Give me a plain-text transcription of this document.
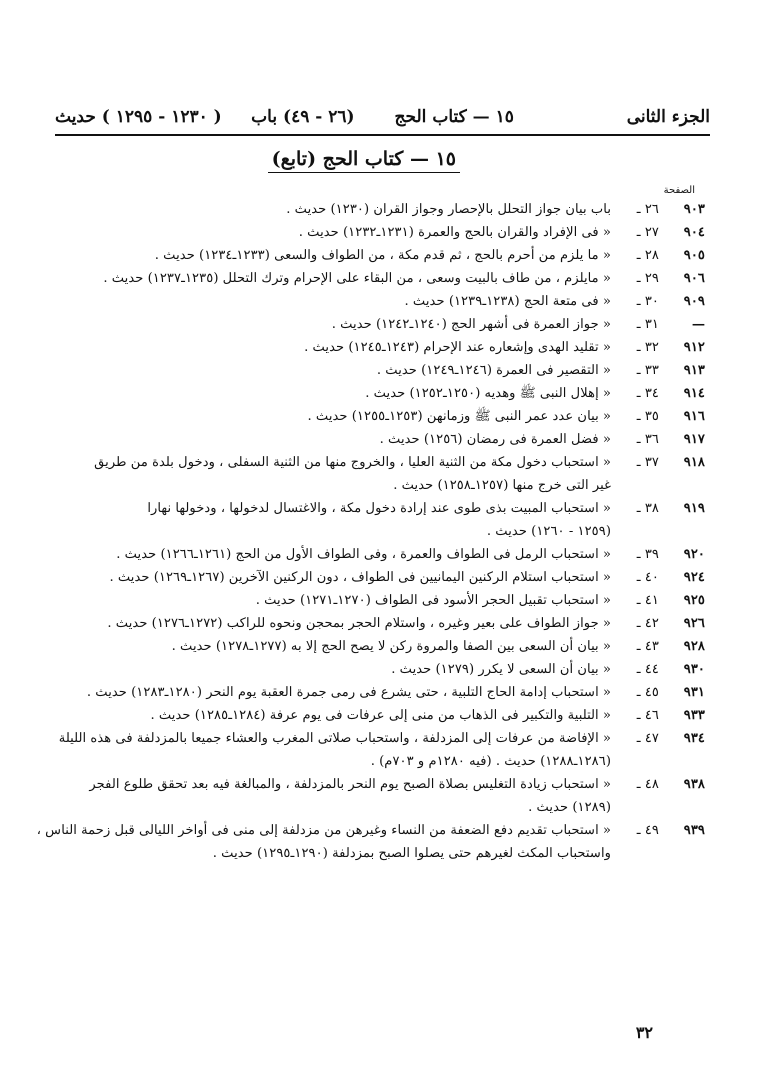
الجزء الثانى
١٥ — كتاب الحج
(٢٦ - ٤٩) باب
( ١٢٣٠ - ١٢٩٥ ) حديث
١٥ — كتاب الحج (تابع)
الصفحة
٩٠٣
٢٦ ـ
باب بيان جواز التحلل بالإحصار وجواز القران (١٢٣٠) حديث .
٩٠٤
٢٧ ـ
« فى الإفراد والقران بالحج والعمرة (١٢٣١ـ١٢٣٢) حديث .
٩٠٥
٢٨ ـ
« ما يلزم من أحرم بالحج ، ثم قدم مكة ، من الطواف والسعى (١٢٣٣ـ١٢٣٤) حديث .
٩٠٦
٢٩ ـ
« مايلزم ، من طاف بالبيت وسعى ، من البقاء على الإحرام وترك التحلل (١٢٣٥ـ١٢٣٧) حديث .
٩٠٩
٣٠ ـ
« فى متعة الحج (١٢٣٨ـ١٢٣٩) حديث .
—
٣١ ـ
« جواز العمرة فى أشهر الحج (١٢٤٠ـ١٢٤٢) حديث .
٩١٢
٣٢ ـ
« تقليد الهدى وإشعاره عند الإحرام (١٢٤٣ـ١٢٤٥) حديث .
٩١٣
٣٣ ـ
« التقصير فى العمرة (١٢٤٦ـ١٢٤٩) حديث .
٩١٤
٣٤ ـ
« إهلال النبى ﷺ وهديه (١٢٥٠ـ١٢٥٢) حديث .
٩١٦
٣٥ ـ
« بيان عدد عمر النبى ﷺ وزمانهن (١٢٥٣ـ١٢٥٥) حديث .
٩١٧
٣٦ ـ
« فضل العمرة فى رمضان (١٢٥٦) حديث .
٩١٨
٣٧ ـ
« استحباب دخول مكة من الثنية العليا ، والخروج منها من الثنية السفلى ، ودخول بلدة من طريق
غير التى خرج منها (١٢٥٧ـ١٢٥٨) حديث .
٩١٩
٣٨ ـ
« استحباب المبيت بذى طوى عند إرادة دخول مكة ، والاغتسال لدخولها ، ودخولها نهارا
(١٢٥٩ - ١٢٦٠) حديث .
٩٢٠
٣٩ ـ
« استحباب الرمل فى الطواف والعمرة ، وفى الطواف الأول من الحج (١٢٦١ـ١٢٦٦) حديث .
٩٢٤
٤٠ ـ
« استحباب استلام الركنين اليمانيين فى الطواف ، دون الركنين الآخرين (١٢٦٧ـ١٢٦٩) حديث .
٩٢٥
٤١ ـ
« استحباب تقبيل الحجر الأسود فى الطواف (١٢٧٠ـ١٢٧١) حديث .
٩٢٦
٤٢ ـ
« جواز الطواف على بعير وغيره ، واستلام الحجر بمحجن ونحوه للراكب (١٢٧٢ـ١٢٧٦) حديث .
٩٢٨
٤٣ ـ
« بيان أن السعى بين الصفا والمروة ركن لا يصح الحج إلا به (١٢٧٧ـ١٢٧٨) حديث .
٩٣٠
٤٤ ـ
« بيان أن السعى لا يكرر (١٢٧٩) حديث .
٩٣١
٤٥ ـ
« استحباب إدامة الحاج التلبية ، حتى يشرع فى رمى جمرة العقبة يوم النحر (١٢٨٠ـ١٢٨٣) حديث .
٩٣٣
٤٦ ـ
« التلبية والتكبير فى الذهاب من منى إلى عرفات فى يوم عرفة (١٢٨٤ـ١٢٨٥) حديث .
٩٣٤
٤٧ ـ
« الإفاضة من عرفات إلى المزدلفة ، واستحباب صلاتى المغرب والعشاء جميعا بالمزدلفة فى هذه الليلة
(١٢٨٦ـ١٢٨٨) حديث . (فيه ١٢٨٠م و ٧٠٣م) .
٩٣٨
٤٨ ـ
« استحباب زيادة التغليس بصلاة الصبح يوم النحر بالمزدلفة ، والمبالغة فيه بعد تحقق طلوع الفجر
(١٢٨٩) حديث .
٩٣٩
٤٩ ـ
« استحباب تقديم دفع الضعفة من النساء وغيرهن من مزدلفة إلى منى فى أواخر الليالى قبل زحمة الناس ،
واستحباب المكث لغيرهم حتى يصلوا الصبح بمزدلفة (١٢٩٠ـ١٢٩٥) حديث .
٣٢
